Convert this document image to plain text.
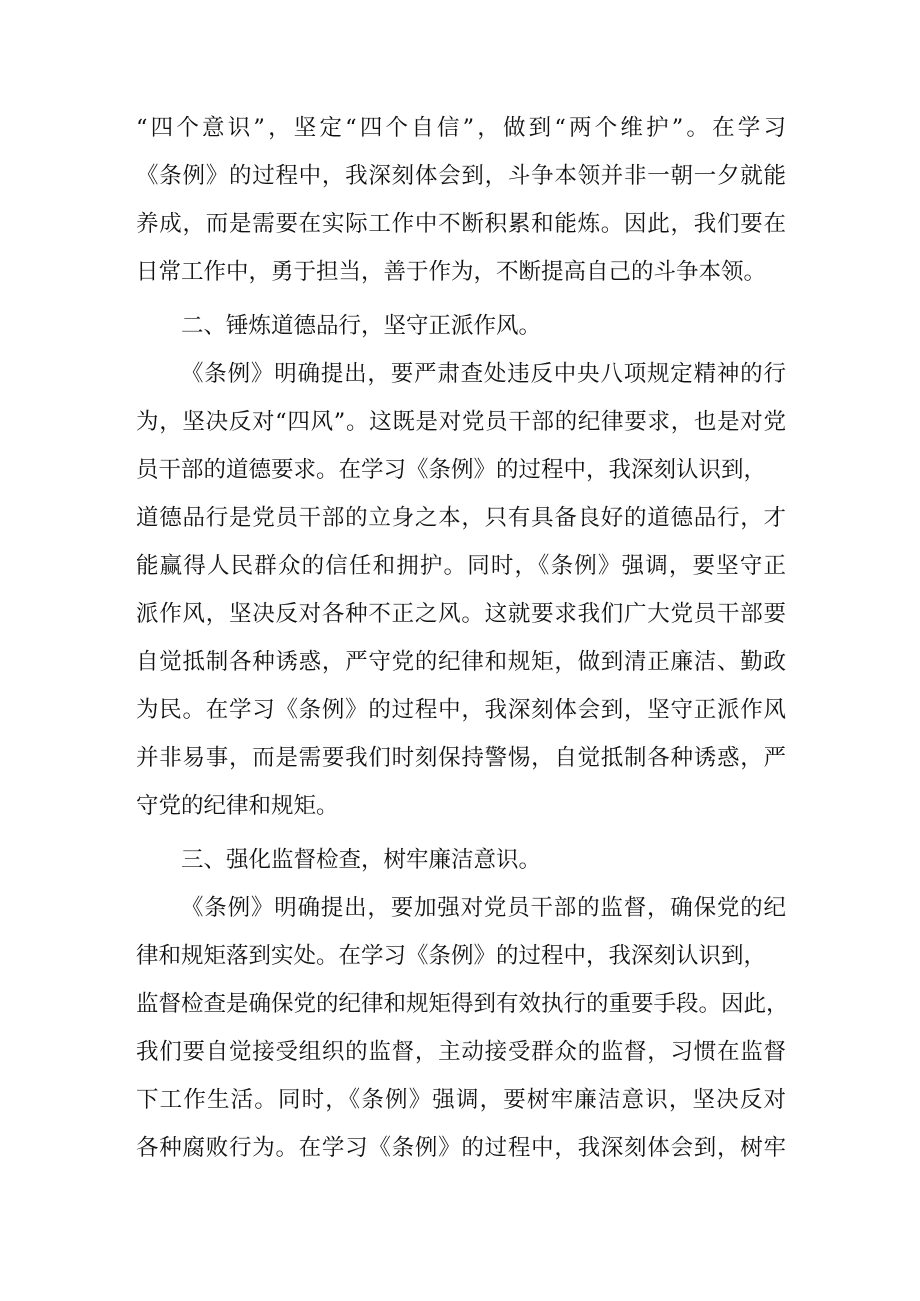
“四个意识”，坚定“四个自信”，做到“两个维护”。在学习
《条例》的过程中，我深刻体会到，斗争本领并非一朝一夕就能
养成，而是需要在实际工作中不断积累和能炼。因此，我们要在
日常工作中，勇于担当，善于作为，不断提高自己的斗争本领。
二、锤炼道德品行，坚守正派作风。
《条例》明确提出，要严肃查处违反中央八项规定精神的行
为，坚决反对“四风”。这既是对党员干部的纪律要求，也是对党
员干部的道德要求。在学习《条例》的过程中，我深刻认识到，
道德品行是党员干部的立身之本，只有具备良好的道德品行，才
能赢得人民群众的信任和拥护。同时，《条例》强调，要坚守正
派作风，坚决反对各种不正之风。这就要求我们广大党员干部要
自觉抵制各种诱惑，严守党的纪律和规矩，做到清正廉洁、勤政
为民。在学习《条例》的过程中，我深刻体会到，坚守正派作风
并非易事，而是需要我们时刻保持警惕，自觉抵制各种诱惑，严
守党的纪律和规矩。
三、强化监督检查，树牢廉洁意识。
《条例》明确提出，要加强对党员干部的监督，确保党的纪
律和规矩落到实处。在学习《条例》的过程中，我深刻认识到，
监督检查是确保党的纪律和规矩得到有效执行的重要手段。因此，
我们要自觉接受组织的监督，主动接受群众的监督，习惯在监督
下工作生活。同时，《条例》强调，要树牢廉洁意识，坚决反对
各种腐败行为。在学习《条例》的过程中，我深刻体会到，树牢
